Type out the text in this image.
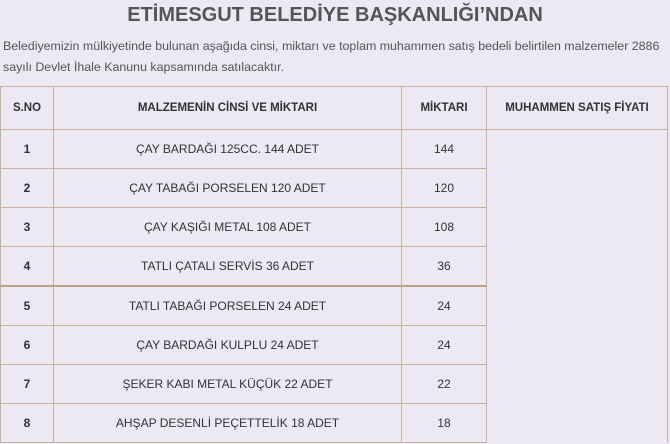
ETİMESGUT BELEDİYE BAŞKANLIĞI’NDAN
Belediyemizin mülkiyetinde bulunan aşağıda cinsi, miktarı ve toplam muhammen satış bedeli belirtilen malzemeler 2886 sayılı Devlet İhale Kanunu kapsamında satılacaktır.
S.NO	MALZEMENİN CİNSİ VE MİKTARI	MİKTARI	MUHAMMEN SATIŞ FİYATI
1	ÇAY BARDAĞI 125CC. 144 ADET	144	
2	ÇAY TABAĞI PORSELEN 120 ADET	120	
3	ÇAY KAŞIĞI METAL 108 ADET	108	
4	TATLI ÇATALI SERVİS 36 ADET	36	
5	TATLI TABAĞI PORSELEN 24 ADET	24	
6	ÇAY BARDAĞI KULPLU 24 ADET	24	
7	ŞEKER KABI METAL KÜÇÜK 22 ADET	22	
8	AHŞAP DESENLİ PEÇETTELİK 18 ADET	18	
